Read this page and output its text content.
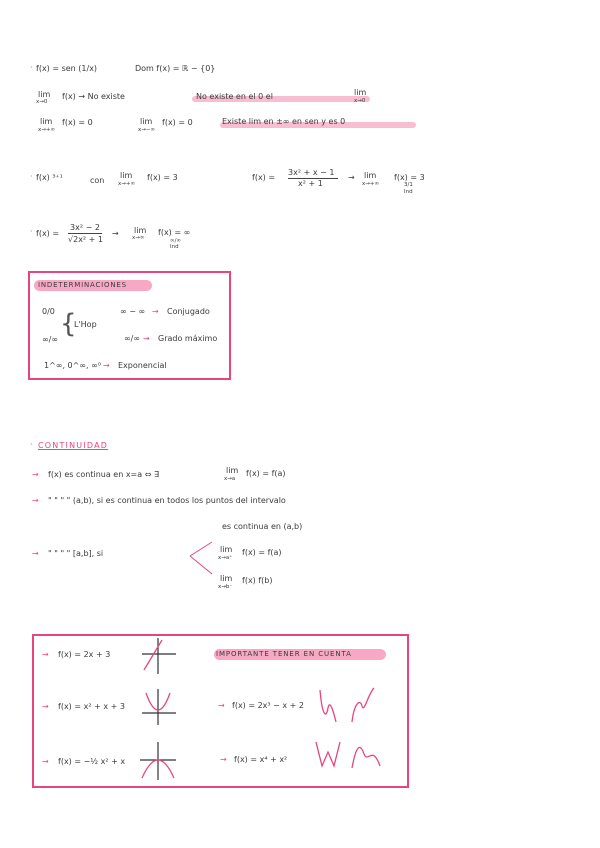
· f(x) = sen (1/x)	Dom f(x) = ℝ − {0}
lim
x→0
f(x) → No existe	No existe en el 0 el	lim
x→0
lim
x→+∞
f(x) = 0	lim
x→−∞
f(x) = 0	Existe lim en ±∞ en sen y es 0
· f(x) ³⁺¹	con
lim
x→+∞
f(x) = 3	f(x) =
3x² + x − 1
x² + 1
→ lim
x→+∞
f(x) = 3
3/1
Ind
· f(x) =
3x² − 2
√2x² + 1
→ lim
x→∞
f(x) = ∞
∞/∞
Ind
INDETERMINACIONES
0/0
∞/∞
{
L'Hop
∞ − ∞ → Conjugado
∞/∞ → Grado máximo
1^∞, 0^∞, ∞⁰ → Exponencial
· CONTINUIDAD
→ f(x) es continua en x=a ⇔ ∃	lim
x→a
f(x) = f(a)
→ " " " " (a,b), si es continua en todos los puntos del intervalo
es continua en (a,b)
→ " " " " [a,b], si	lim
x→a⁺
f(x) = f(a)
lim
x→b⁻
f(x) f(b)
IMPORTANTE TENER EN CUENTA
→ f(x) = 2x + 3
→ f(x) = x² + x + 3
→ f(x) = −½ x² + x
→ f(x) = 2x³ − x + 2
→ f(x) = x⁴ + x²
